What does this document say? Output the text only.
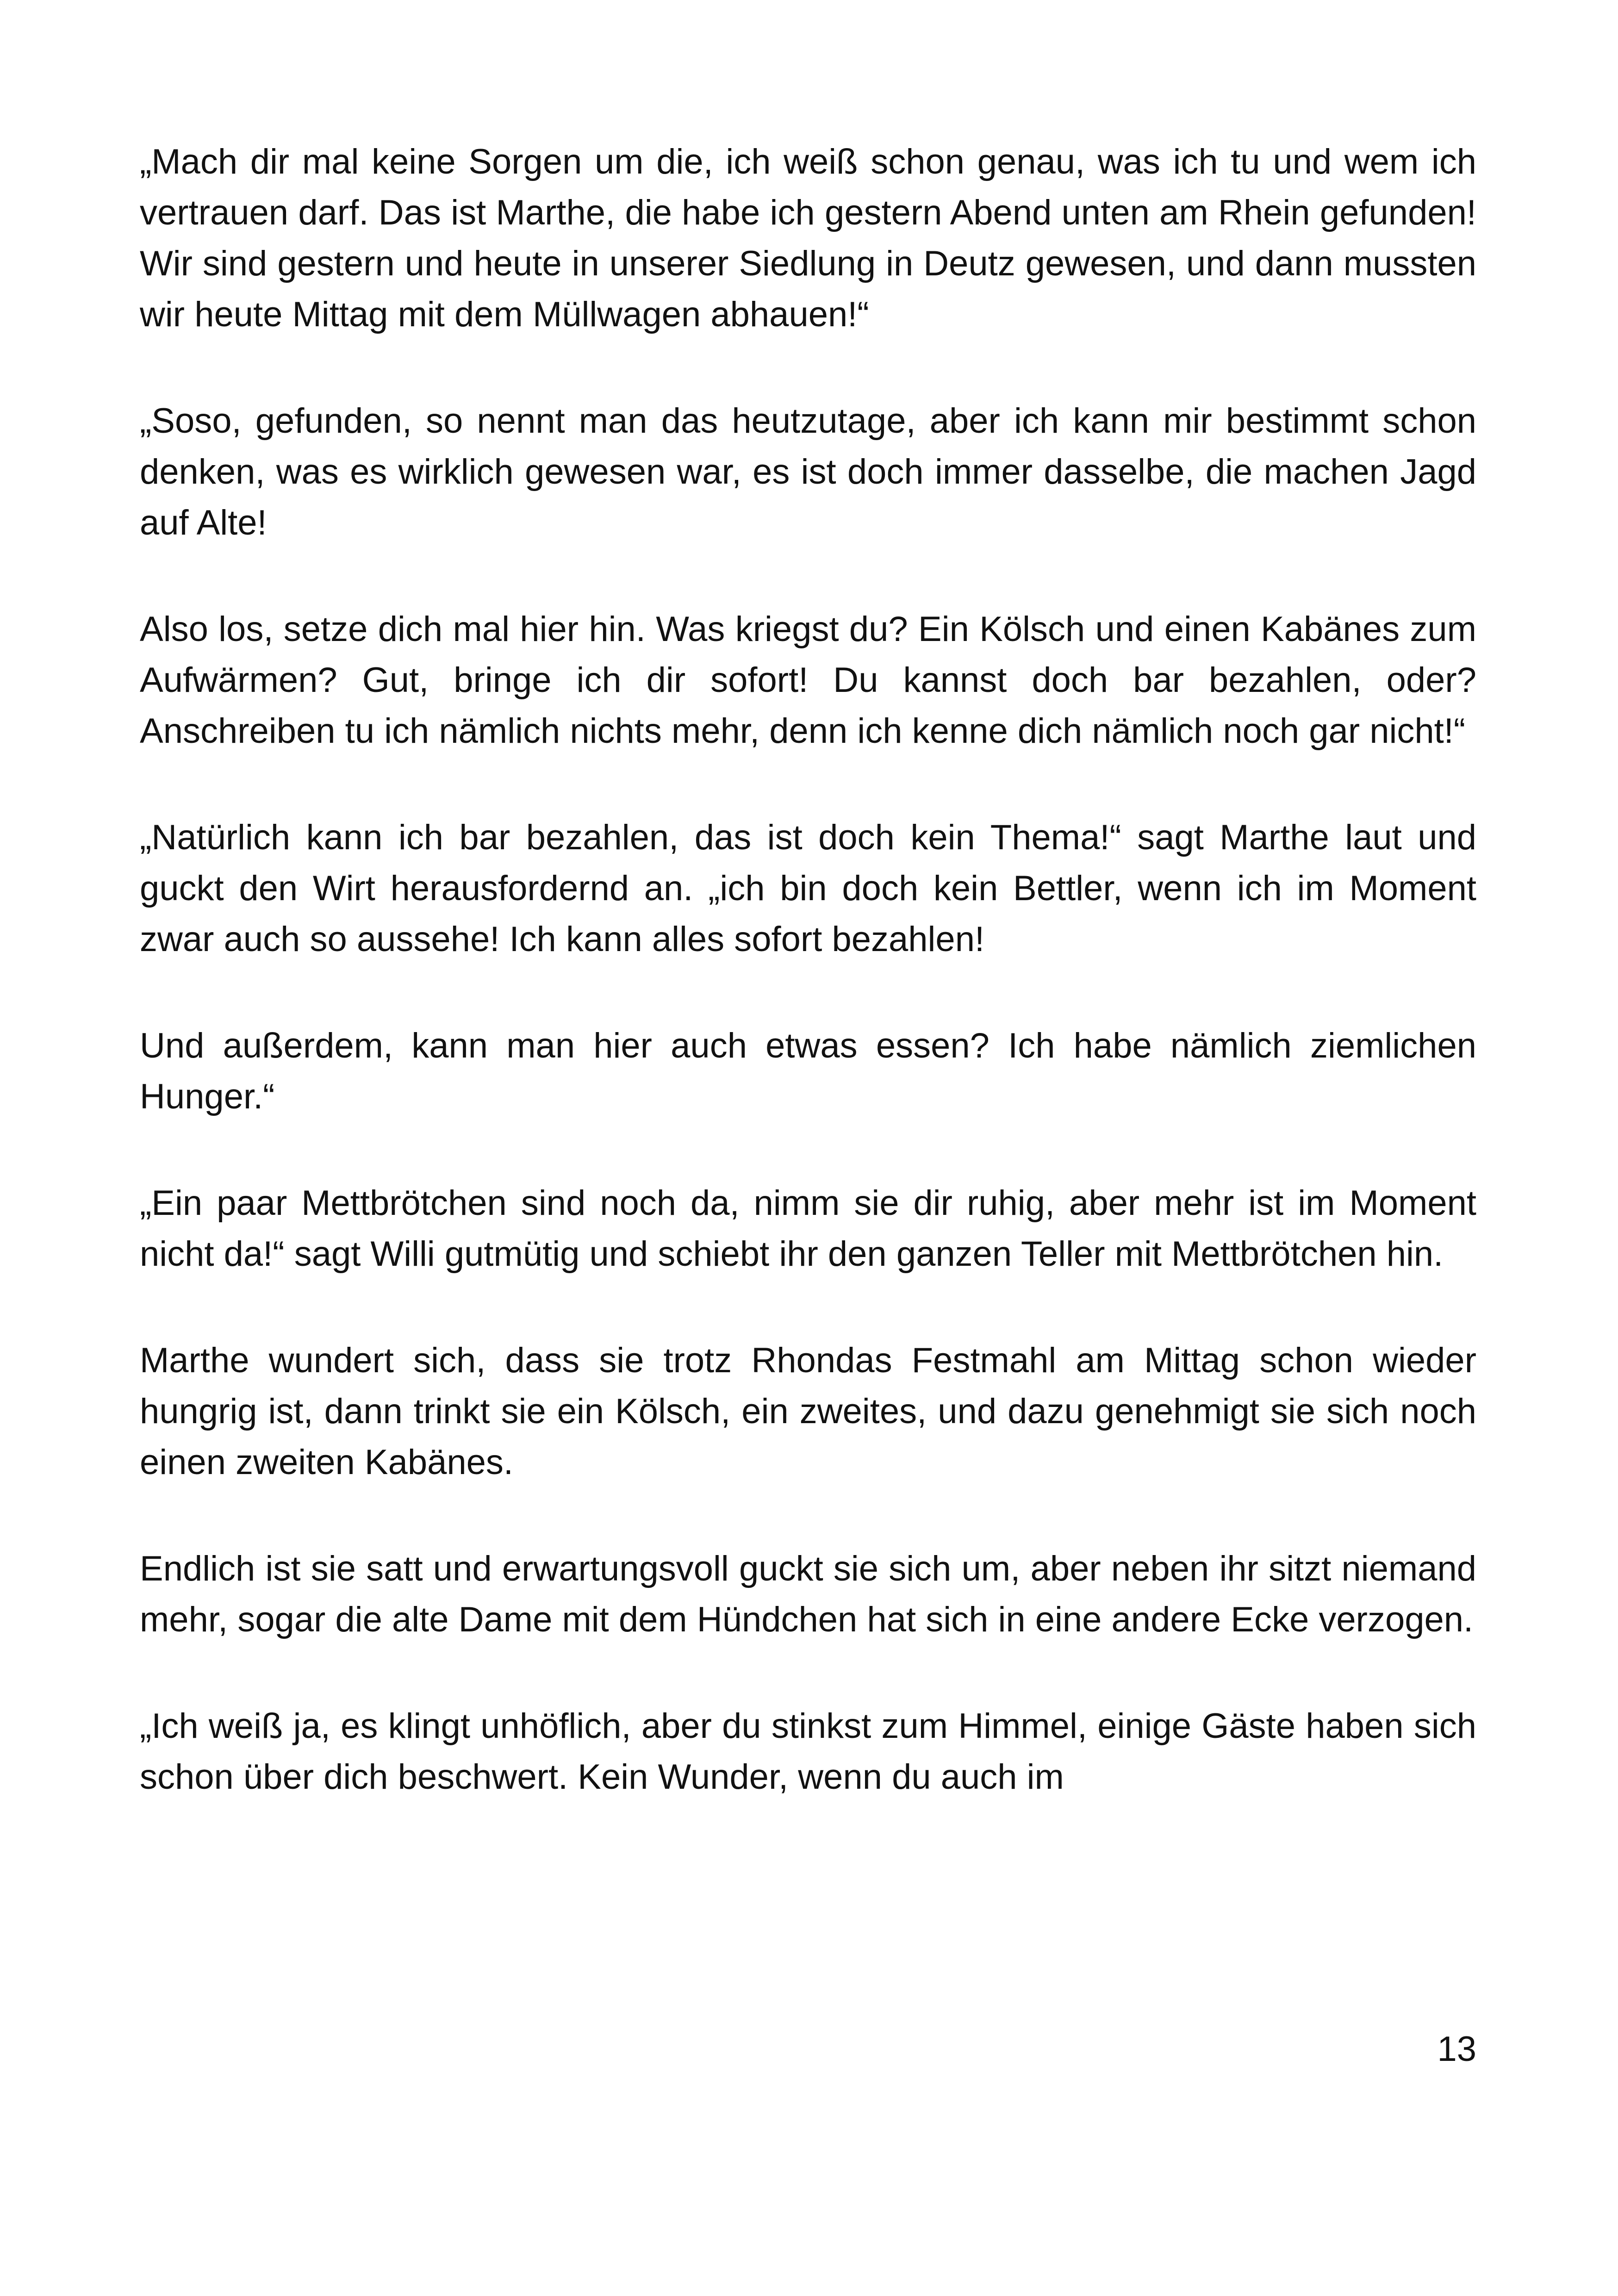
„Mach dir mal keine Sorgen um die, ich weiß schon genau, was ich tu und wem ich vertrauen darf. Das ist Marthe, die habe ich gestern Abend unten am Rhein gefunden! Wir sind gestern und heute in unserer Siedlung in Deutz gewesen, und dann mussten wir heute Mittag mit dem Müllwagen abhauen!“

„Soso, gefunden, so nennt man das heutzutage, aber ich kann mir bestimmt schon denken, was es wirklich gewesen war, es ist doch immer dasselbe, die machen Jagd auf Alte!

Also los, setze dich mal hier hin. Was kriegst du? Ein Kölsch und einen Kabänes zum Aufwärmen? Gut, bringe ich dir sofort! Du kannst doch bar bezahlen, oder? Anschreiben tu ich nämlich nichts mehr, denn ich kenne dich nämlich noch gar nicht!“

„Natürlich kann ich bar bezahlen, das ist doch kein Thema!“ sagt Marthe laut und guckt den Wirt herausfordernd an. „ich bin doch kein Bettler, wenn ich im Moment zwar auch so aussehe! Ich kann alles sofort bezahlen!

Und außerdem, kann man hier auch etwas essen? Ich habe nämlich ziemlichen Hunger.“

„Ein paar Mettbrötchen sind noch da, nimm sie dir ruhig, aber mehr ist im Moment nicht da!“ sagt Willi gutmütig und schiebt ihr den ganzen Teller mit Mettbrötchen hin.

Marthe wundert sich, dass sie trotz Rhondas Festmahl am Mittag schon wieder hungrig ist, dann trinkt sie ein Kölsch, ein zweites, und dazu genehmigt sie sich noch einen zweiten Kabänes.

Endlich ist sie satt und erwartungsvoll guckt sie sich um, aber neben ihr sitzt niemand mehr, sogar die alte Dame mit dem Hündchen hat sich in eine andere Ecke verzogen.

„Ich weiß ja, es klingt unhöflich, aber du stinkst zum Himmel, einige Gäste haben sich schon über dich beschwert. Kein Wunder, wenn du auch im

13
